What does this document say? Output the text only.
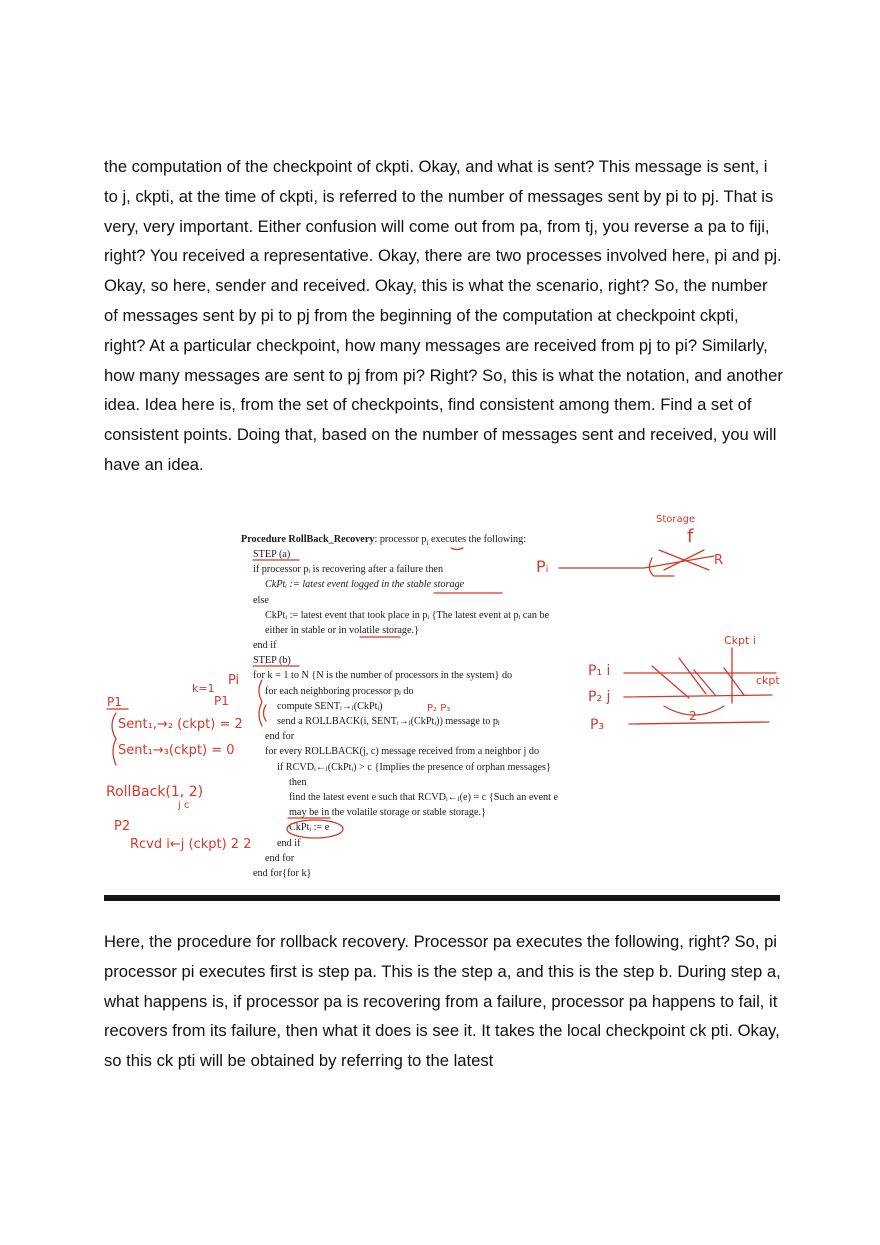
the computation of the checkpoint of ckpti. Okay, and what is sent? This message is sent, i to j, ckpti, at the time of ckpti, is referred to the number of messages sent by pi to pj. That is very, very important. Either confusion will come out from pa, from tj, you reverse a pa to fiji, right? You received a representative. Okay, there are two processes involved here, pi and pj. Okay, so here, sender and received. Okay, this is what the scenario, right? So, the number of messages sent by pi to pj from the beginning of the computation at checkpoint ckpti, right? At a particular checkpoint, how many messages are received from pj to pi? Similarly, how many messages are sent to pj from pi? Right? So, this is what the notation, and another idea. Idea here is, from the set of checkpoints, find consistent among them. Find a set of consistent points. Doing that, based on the number of messages sent and received, you will have an idea.

Procedure RollBack_Recovery: processor $p_i$ executes the following:
STEP (a)
if processor pᵢ is recovering after a failure then
CkPtᵢ := latest event logged in the stable storage
else
CkPtᵢ := latest event that took place in pᵢ {The latest event at pᵢ can be
either in stable or in volatile storage.}
end if
STEP (b)
for k = 1 to N {N is the number of processors in the system} do
for each neighboring processor pⱼ do
compute SENTᵢ→ⱼ(CkPtᵢ)
send a ROLLBACK(i, SENTᵢ→ⱼ(CkPtᵢ)) message to pⱼ
end for
for every ROLLBACK(j, c) message received from a neighbor j do
if RCVDᵢ←ⱼ(CkPtᵢ) > c {Implies the presence of orphan messages}
then
find the latest event e such that RCVDᵢ←ⱼ(e) = c {Such an event e
may be in the volatile storage or stable storage.}
CkPtᵢ := e
end if
end for
end for{for k}
Storage
f
R
Pᵢ
Ckpt i
ckpt
P₁ i
P₂ j
P₃
2
P₂ P₃
k=1
Pi
P1
P1
Sent₁,→₂ (ckpt) = 2
Sent₁→₃(ckpt) = 0
RollBack(1, 2)
j c
P2
Rcvd i←j (ckpt) 2 2

Here, the procedure for rollback recovery. Processor pa executes the following, right? So, pi processor pi executes first is step pa. This is the step a, and this is the step b. During step a, what happens is, if processor pa is recovering from a failure, processor pa happens to fail, it recovers from its failure, then what it does is see it. It takes the local checkpoint ck pti. Okay, so this ck pti will be obtained by referring to the latest
